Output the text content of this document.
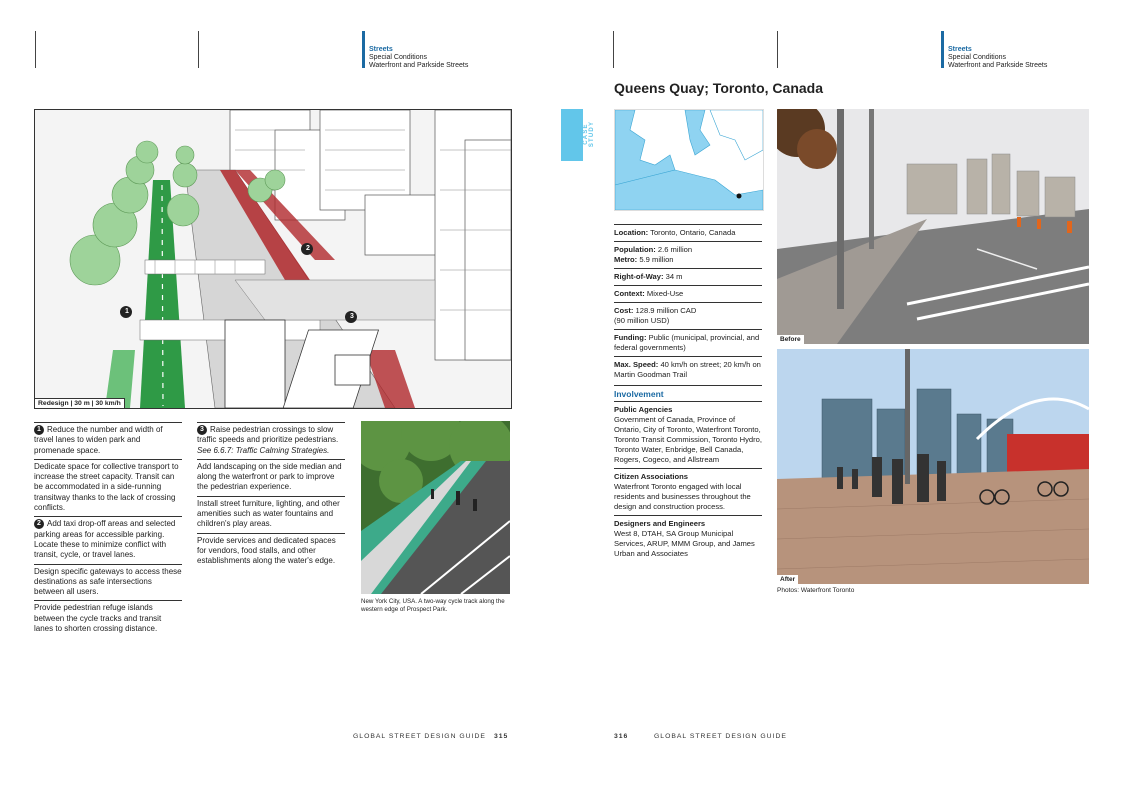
Streets
Special Conditions
Waterfront and Parkside Streets
Streets
Special Conditions
Waterfront and Parkside Streets
1
2
3
Redesign | 30 m | 30 km/h
1 Reduce the number and width of travel lanes to widen park and promenade space.
Dedicate space for collective transport to increase the street capacity. Transit can be accommodated in a side-running transitway thanks to the lack of crossing conflicts.
2 Add taxi drop-off areas and selected parking areas for accessible parking. Locate these to minimize conflict with transit, cycle, or travel lanes.
Design specific gateways to access these destinations as safe intersections between all users.
Provide pedestrian refuge islands between the cycle tracks and transit lanes to shorten crossing distance.
3 Raise pedestrian crossings to slow traffic speeds and prioritize pedestrians. See 6.6.7: Traffic Calming Strategies.
Add landscaping on the side median and along the waterfront or park to improve the pedestrian experience.
Install street furniture, lighting, and other amenities such as water fountains and children's play areas.
Provide services and dedicated spaces for vendors, food stalls, and other establishments along the water's edge.
New York City, USA. A two-way cycle track along the western edge of Prospect Park.
GLOBAL STREET DESIGN GUIDE 315
Queens Quay; Toronto, Canada
CASE STUDY
Location: Toronto, Ontario, Canada
Population: 2.6 million
Metro: 5.9 million
Right-of-Way: 34 m
Context: Mixed-Use
Cost: 128.9 million CAD
(90 million USD)
Funding: Public (municipal, provincial, and federal governments)
Max. Speed: 40 km/h on street; 20 km/h on Martin Goodman Trail
Involvement
Public Agencies
Government of Canada, Province of Ontario, City of Toronto, Waterfront Toronto, Toronto Transit Commission, Toronto Hydro, Toronto Water, Enbridge, Bell Canada, Rogers, Cogeco, and Allstream
Citizen Associations
Waterfront Toronto engaged with local residents and businesses throughout the design and construction process.
Designers and Engineers
West 8, DTAH, SA Group Municipal Services, ARUP, MMM Group, and James Urban and Associates
Before
After
Photos: Waterfront Toronto
316	GLOBAL STREET DESIGN GUIDE
